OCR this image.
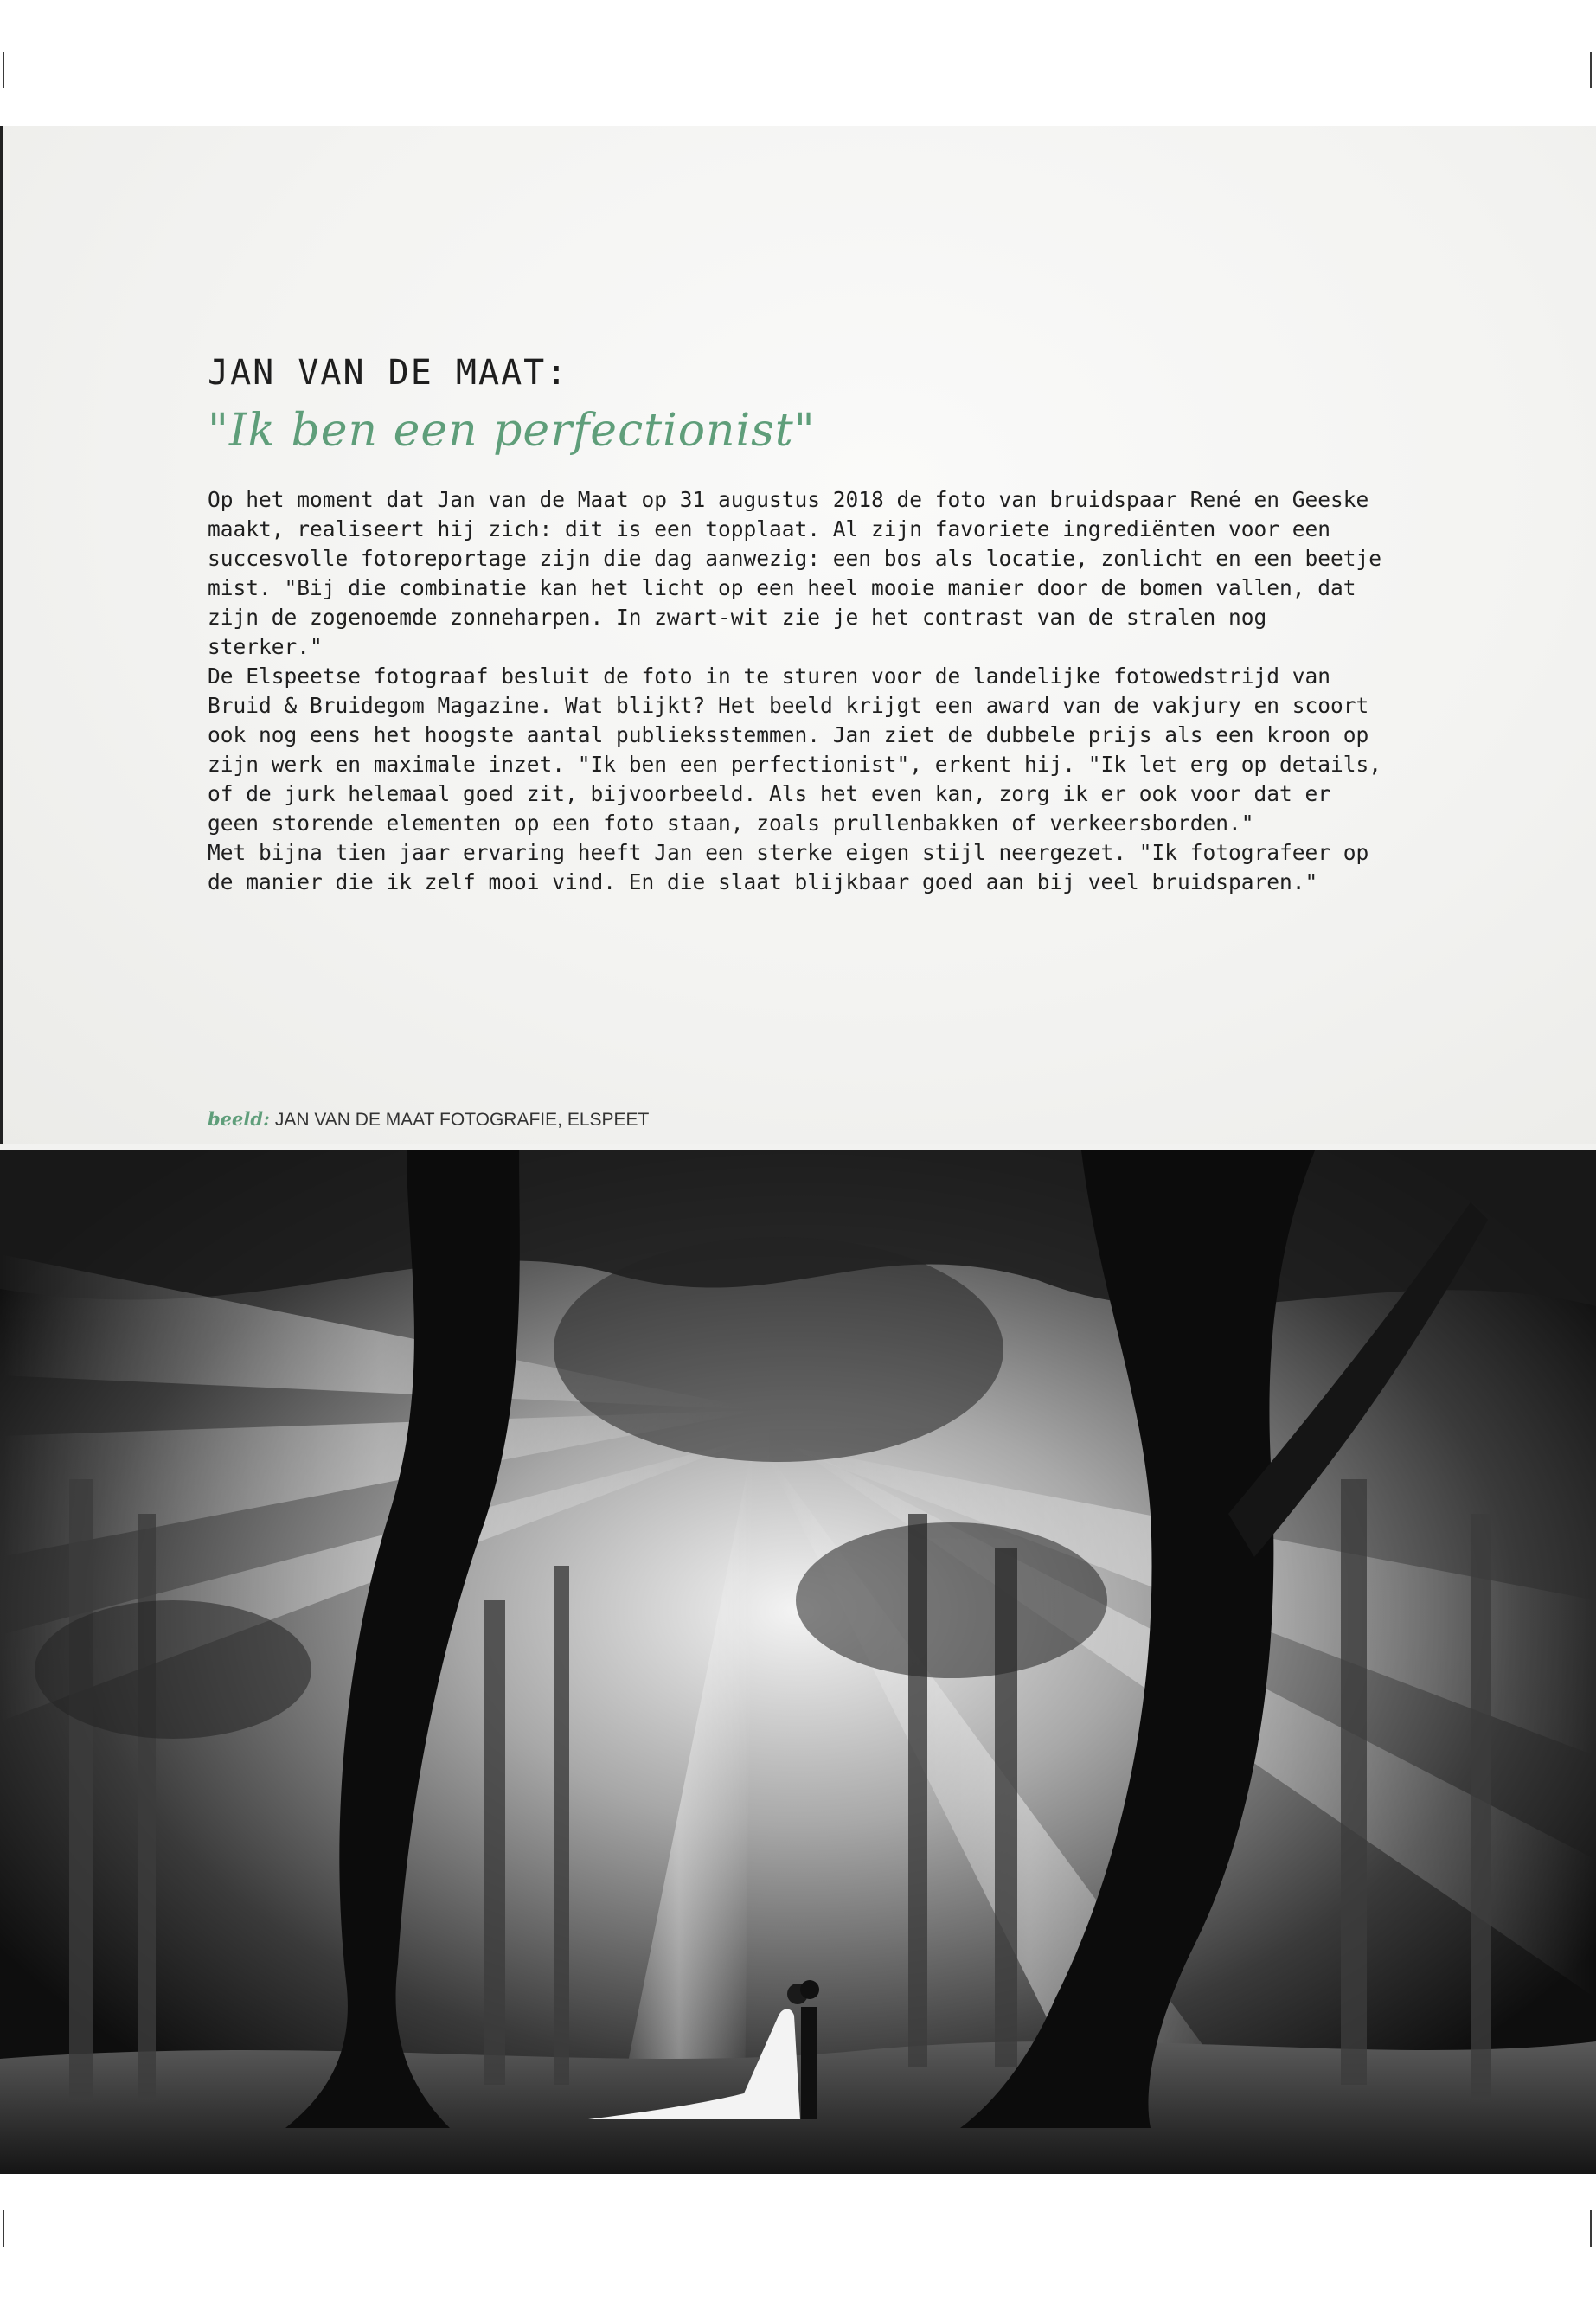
JAN VAN DE MAAT:
"Ik ben een perfectionist"

Op het moment dat Jan van de Maat op 31 augustus 2018 de foto van bruidspaar René en Geeske maakt, realiseert hij zich: dit is een topplaat. Al zijn favoriete ingrediënten voor een succesvolle fotoreportage zijn die dag aanwezig: een bos als locatie, zonlicht en een beetje mist. "Bij die combinatie kan het licht op een heel mooie manier door de bomen vallen, dat zijn de zogenoemde zonneharpen. In zwart-wit zie je het contrast van de stralen nog sterker."

De Elspeetse fotograaf besluit de foto in te sturen voor de landelijke fotowedstrijd van Bruid & Bruidegom Magazine. Wat blijkt? Het beeld krijgt een award van de vakjury en scoort ook nog eens het hoogste aantal publieksstemmen. Jan ziet de dubbele prijs als een kroon op zijn werk en maximale inzet. "Ik ben een perfectionist", erkent hij. "Ik let erg op details, of de jurk helemaal goed zit, bijvoorbeeld. Als het even kan, zorg ik er ook voor dat er geen storende elementen op een foto staan, zoals prullenbakken of verkeersborden."

Met bijna tien jaar ervaring heeft Jan een sterke eigen stijl neergezet. "Ik fotografeer op de manier die ik zelf mooi vind. En die slaat blijkbaar goed aan bij veel bruidsparen."

beeld: JAN VAN DE MAAT FOTOGRAFIE, ELSPEET
